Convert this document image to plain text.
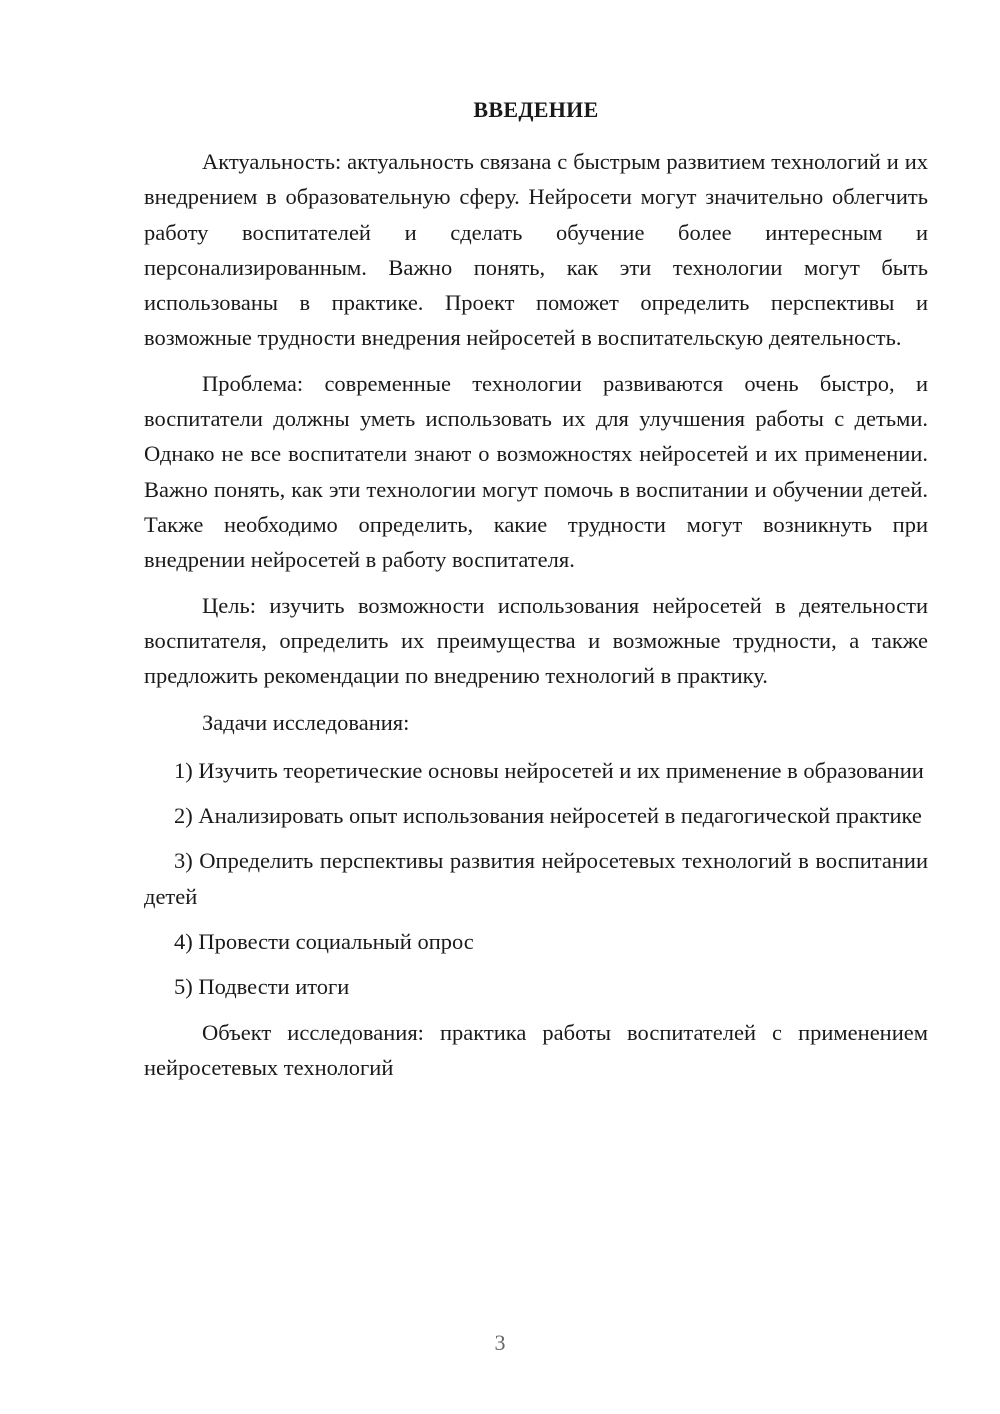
ВВЕДЕНИЕ

Актуальность: актуальность связана с быстрым развитием технологий и их внедрением в образовательную сферу. Нейросети могут значительно облегчить работу воспитателей и сделать обучение более интересным и персонализированным. Важно понять, как эти технологии могут быть использованы в практике. Проект поможет определить перспективы и возможные трудности внедрения нейросетей в воспитательскую деятельность.

Проблема: современные технологии развиваются очень быстро, и воспитатели должны уметь использовать их для улучшения работы с детьми. Однако не все воспитатели знают о возможностях нейросетей и их применении. Важно понять, как эти технологии могут помочь в воспитании и обучении детей. Также необходимо определить, какие трудности могут возникнуть при внедрении нейросетей в работу воспитателя.

Цель: изучить возможности использования нейросетей в деятельности воспитателя, определить их преимущества и возможные трудности, а также предложить рекомендации по внедрению технологий в практику.

Задачи исследования:

1) Изучить теоретические основы нейросетей и их применение в образовании

2) Анализировать опыт использования нейросетей в педагогической практике

3) Определить перспективы развития нейросетевых технологий в воспитании детей

4) Провести социальный опрос

5) Подвести итоги

Объект исследования: практика работы воспитателей с применением нейросетевых технологий

3
